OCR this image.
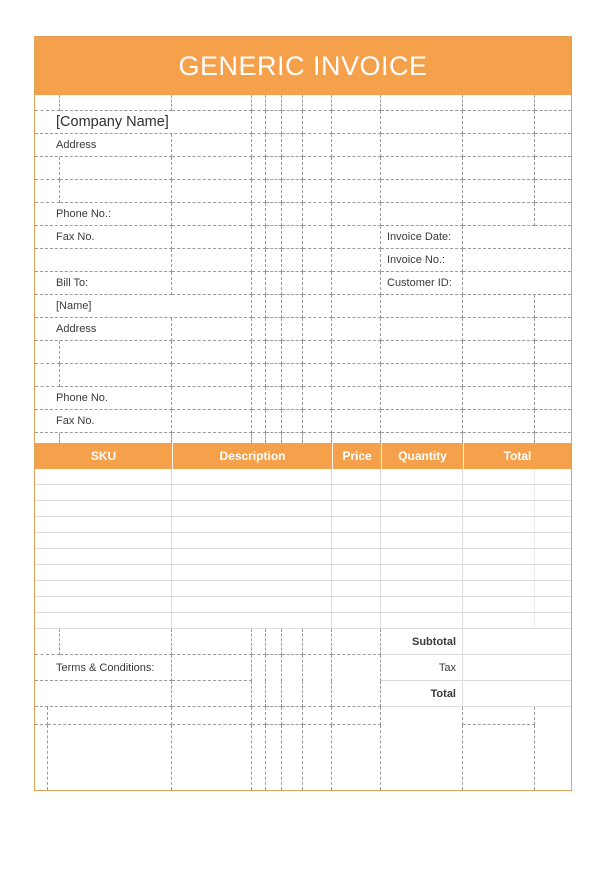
GENERIC INVOICE

[Company Name]											
Address											

Phone No.:											
Fax No.									Invoice Date:		
									Invoice No.:		
Bill To:									Customer ID:		
[Name]											
Address											

Phone No.											
Fax No.											

SKU			Description					Price	Quantity	Total	

									Subtotal		
Terms & Conditions:									Tax		
									Total		
